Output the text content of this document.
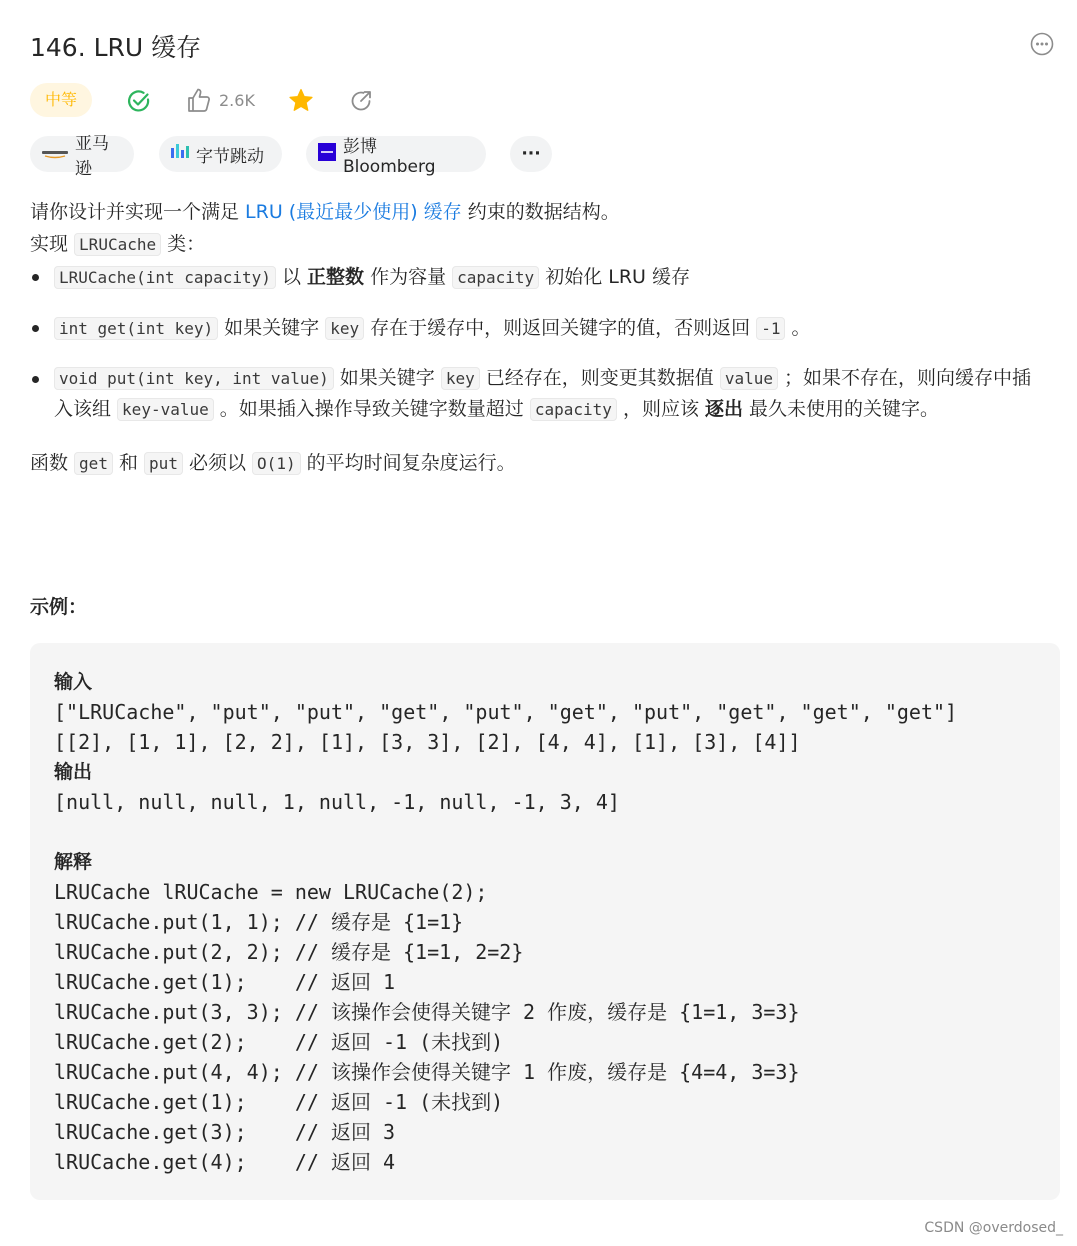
146. LRU 缓存
中等	2.6K
亚马逊
字节跳动	彭博 Bloomberg
···

请你设计并实现一个满足 LRU (最近最少使用) 缓存 约束的数据结构。

实现 LRUCache 类：

LRUCache(int capacity) 以 正整数 作为容量 capacity 初始化 LRU 缓存
int get(int key) 如果关键字 key 存在于缓存中，则返回关键字的值，否则返回 -1 。
void put(int key, int value) 如果关键字 key 已经存在，则变更其数据值 value ；如果不存在，则向缓存中插入该组 key-value 。如果插入操作导致关键字数量超过 capacity ，则应该 逐出 最久未使用的关键字。

函数 get 和 put 必须以 O(1) 的平均时间复杂度运行。

示例：
输入
["LRUCache", "put", "put", "get", "put", "get", "put", "get", "get", "get"]
[[2], [1, 1], [2, 2], [1], [3, 3], [2], [4, 4], [1], [3], [4]]
输出
[null, null, null, 1, null, -1, null, -1, 3, 4]
解释
LRUCache lRUCache = new LRUCache(2);
lRUCache.put(1, 1); // 缓存是 {1=1}
lRUCache.put(2, 2); // 缓存是 {1=1, 2=2}
lRUCache.get(1);    // 返回 1
lRUCache.put(3, 3); // 该操作会使得关键字 2 作废，缓存是 {1=1, 3=3}
lRUCache.get(2);    // 返回 -1 (未找到)
lRUCache.put(4, 4); // 该操作会使得关键字 1 作废，缓存是 {4=4, 3=3}
lRUCache.get(1);    // 返回 -1 (未找到)
lRUCache.get(3);    // 返回 3
lRUCache.get(4);    // 返回 4
CSDN @overdosed_
